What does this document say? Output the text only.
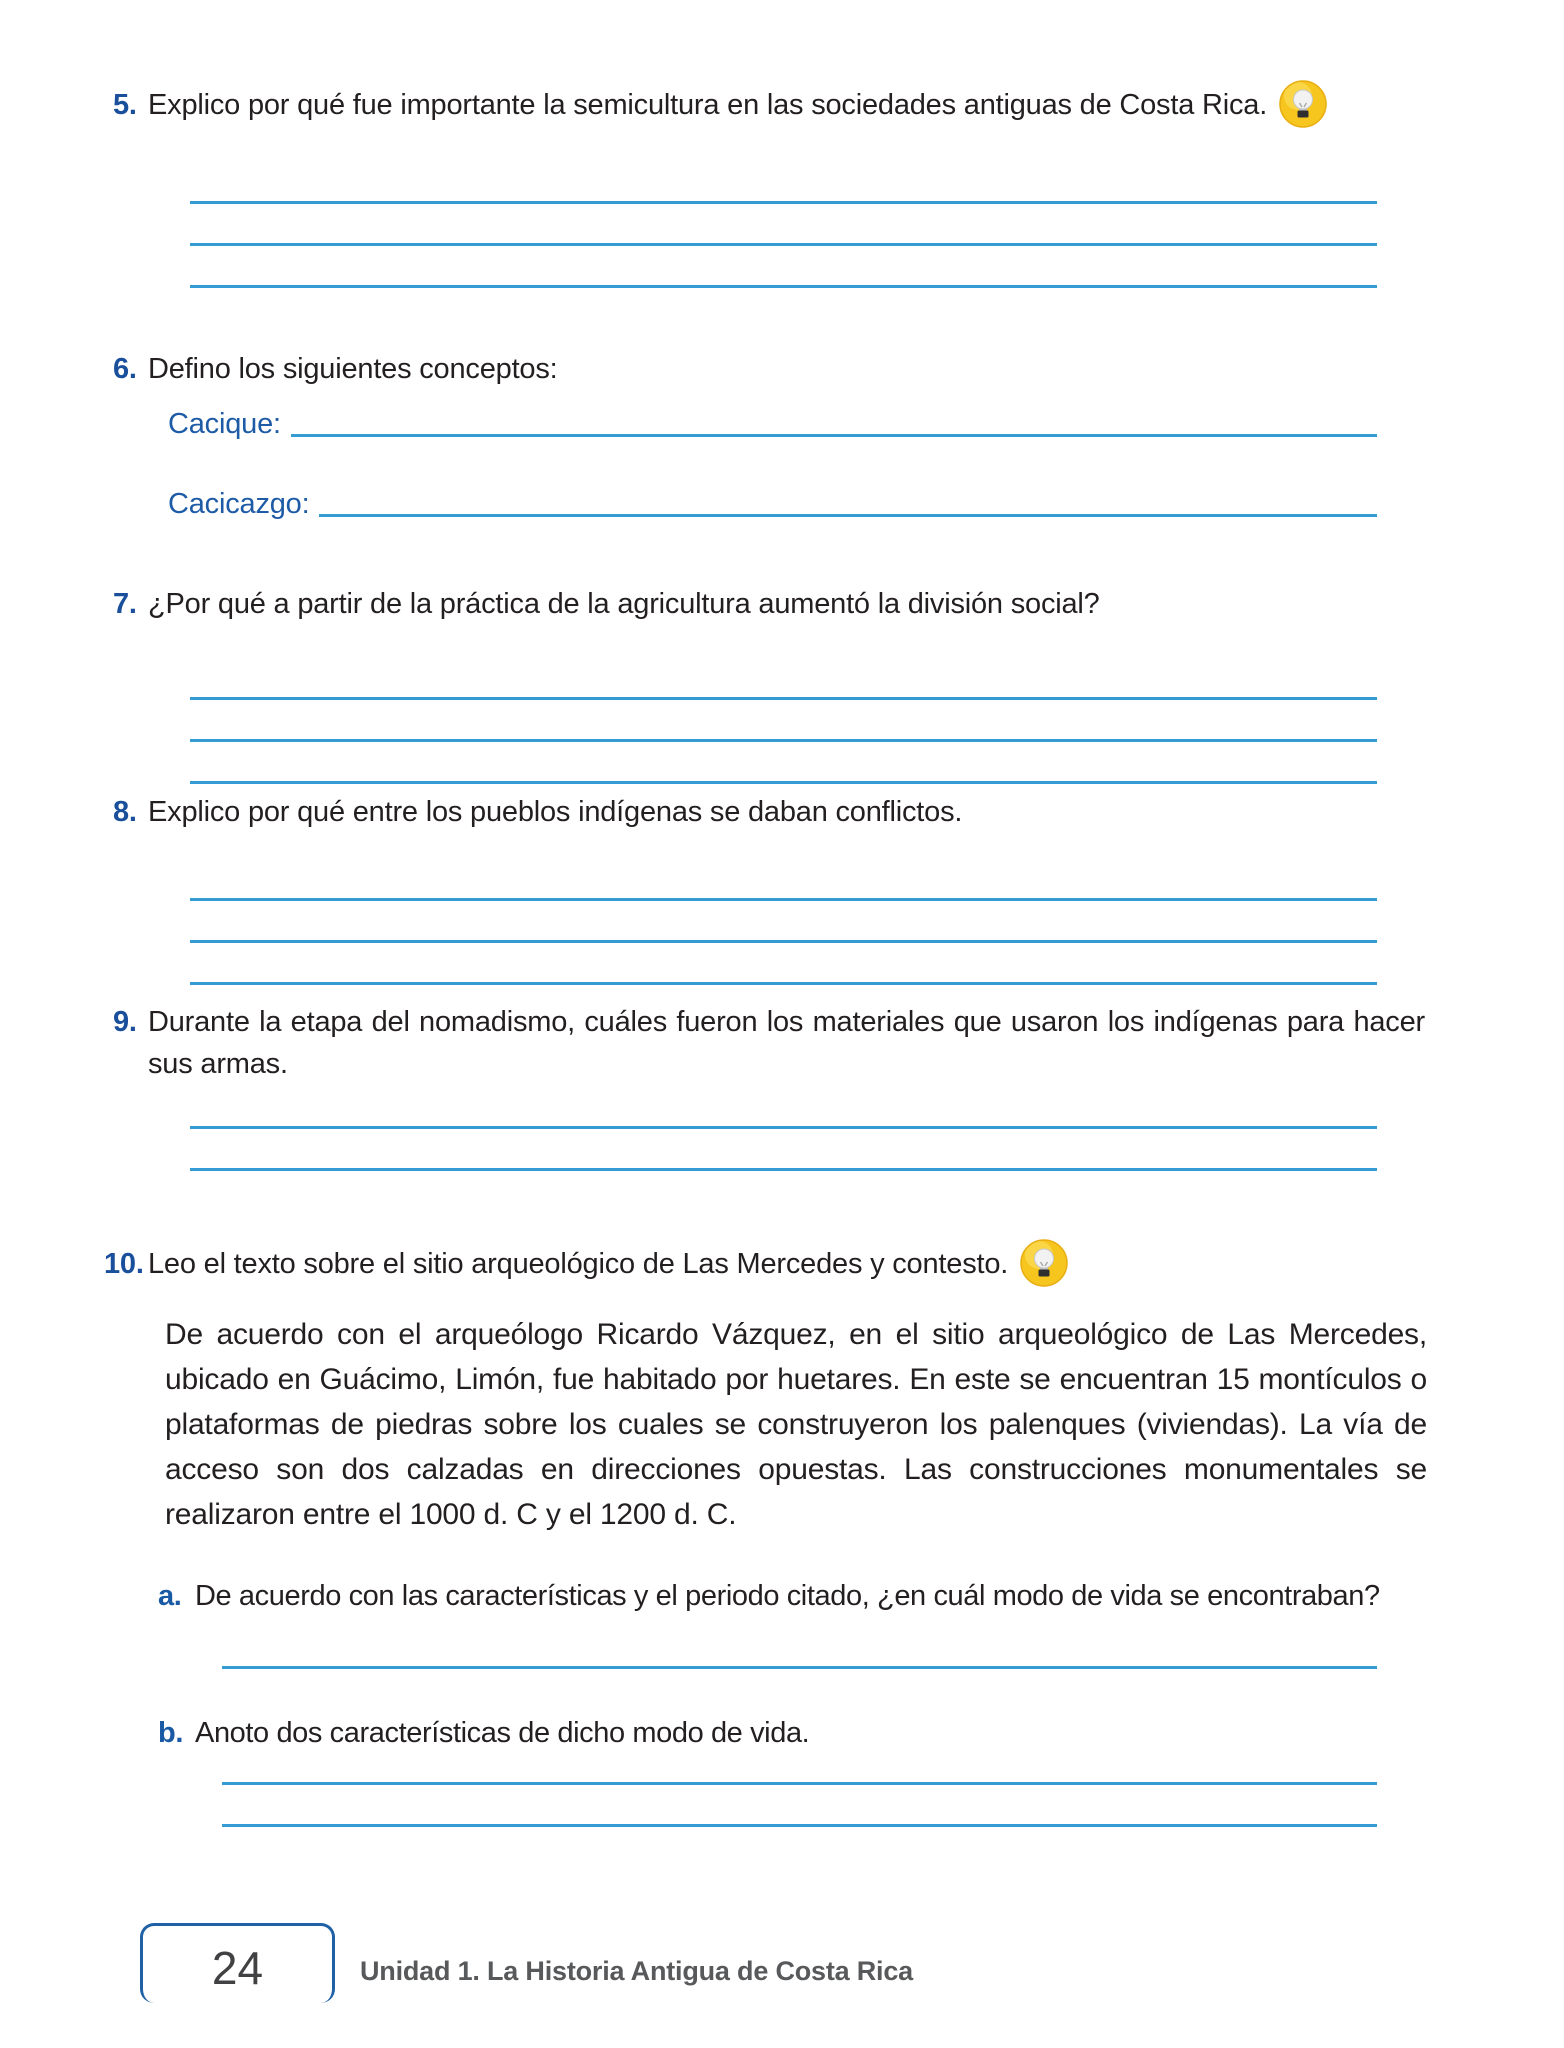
5. Explico por qué fue importante la semicultura en las sociedades antiguas de Costa Rica.
6. Defino los siguientes conceptos:
Cacique:
Cacicazgo:
7. ¿Por qué a partir de la práctica de la agricultura aumentó la división social?
8. Explico por qué entre los pueblos indígenas se daban conflictos.
9. Durante la etapa del nomadismo, cuáles fueron los materiales que usaron los indígenas para hacer sus armas.
10. Leo el texto sobre el sitio arqueológico de Las Mercedes y contesto.

De acuerdo con el arqueólogo Ricardo Vázquez, en el sitio arqueológico de Las Mercedes, ubicado en Guácimo, Limón, fue habitado por huetares. En este se encuentran 15 montículos o plataformas de piedras sobre los cuales se construyeron los palenques (viviendas). La vía de acceso son dos calzadas en direcciones opuestas. Las construcciones monumentales se realizaron entre el 1000 d. C y el 1200 d. C.

a. De acuerdo con las características y el periodo citado, ¿en cuál modo de vida se encontraban?
b. Anoto dos características de dicho modo de vida.
24	Unidad 1. La Historia Antigua de Costa Rica
